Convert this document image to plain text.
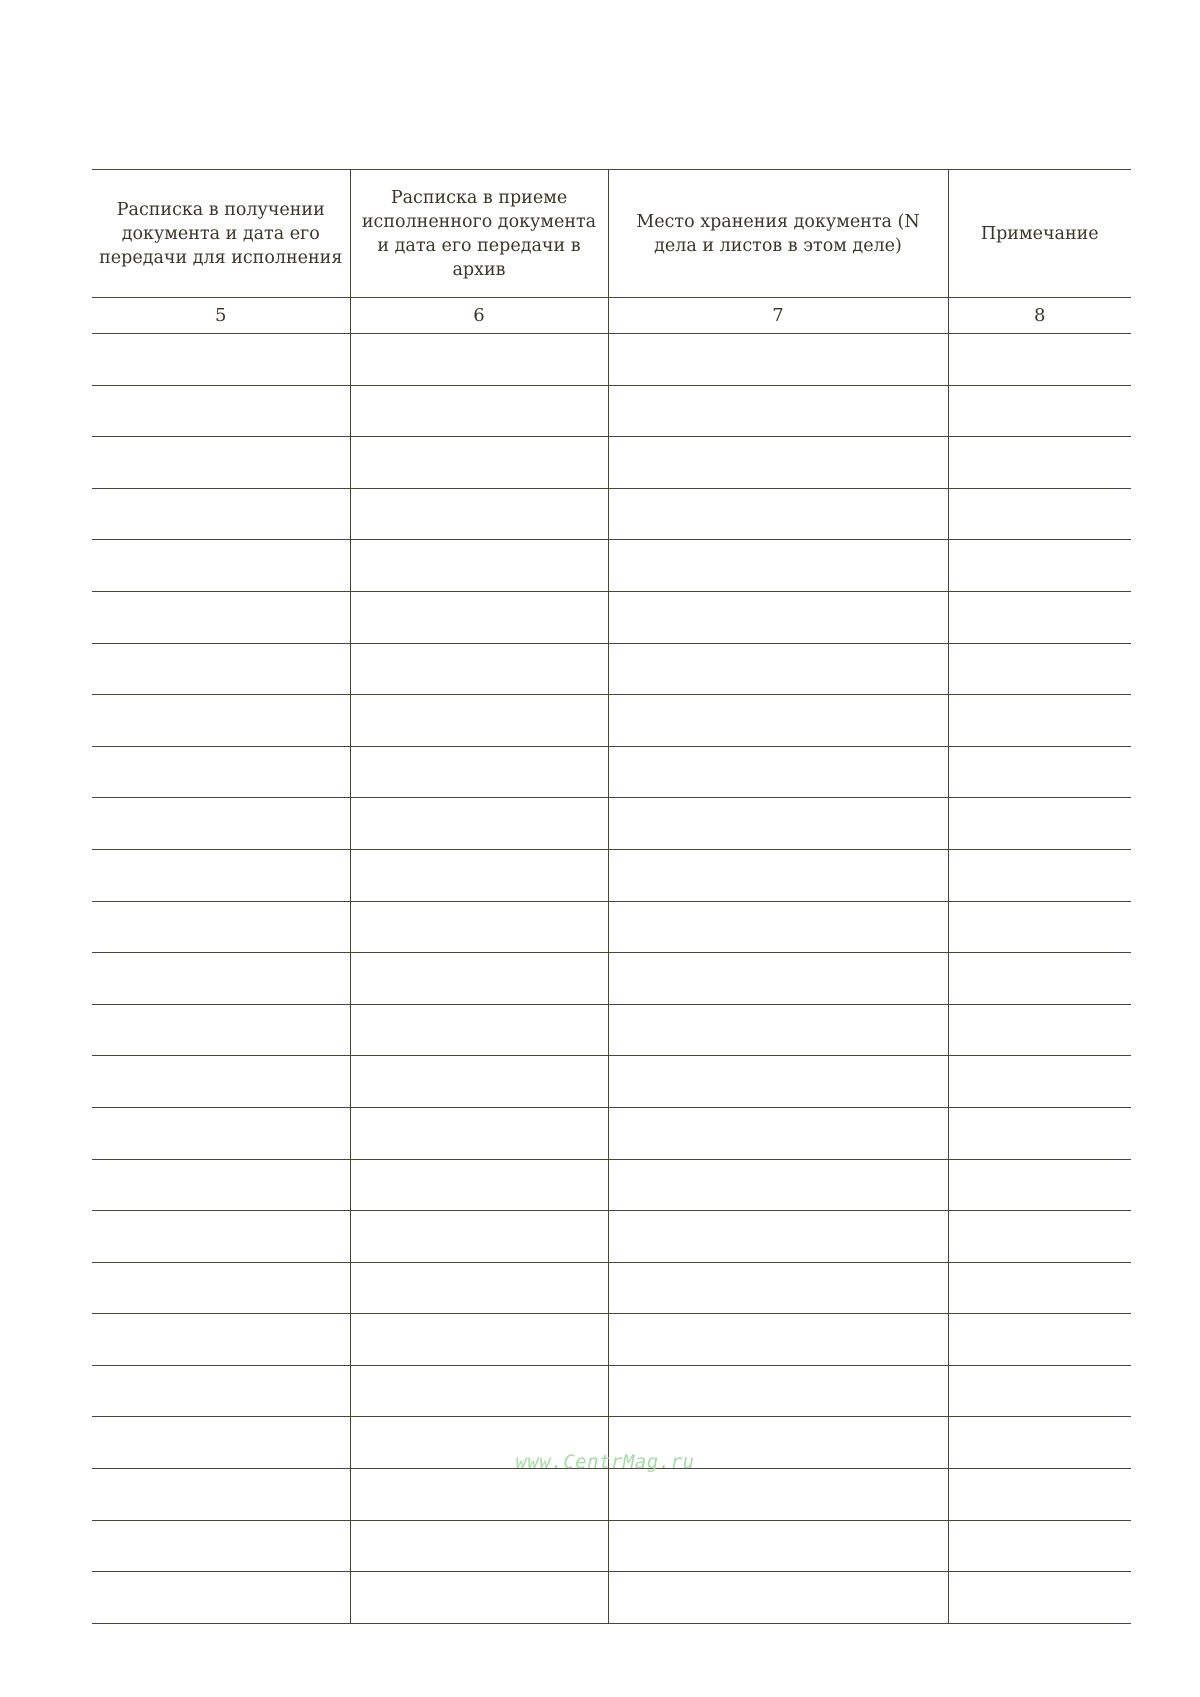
Расписка в получении документа и дата его передачи для исполнения	Расписка в приеме исполненного документа и дата его передачи в архив	Место хранения документа (N дела и листов в этом деле)	Примечание
5	6	7	8

www.CentrMag.ru
